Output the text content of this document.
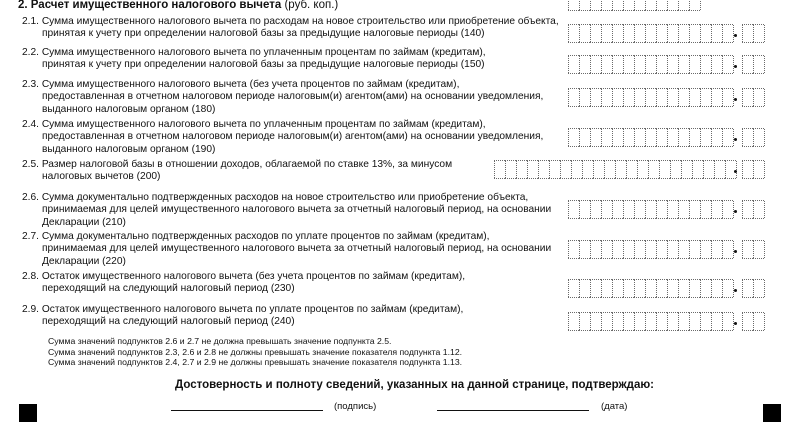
2. Расчет имущественного налогового вычета (руб. коп.)
2.1. Сумма имущественного налогового вычета по расходам на новое строительство или приобретение объекта,
принятая к учету при определении налоговой базы за предыдущие налоговые периоды (140)
2.2. Сумма имущественного налогового вычета по уплаченным процентам по займам (кредитам),
принятая к учету при определении налоговой базы за предыдущие налоговые периоды (150)
2.3. Сумма имущественного налогового вычета (без учета процентов по займам (кредитам),
предоставленная в отчетном налоговом периоде налоговым(и) агентом(ами) на основании уведомления,
выданного налоговым органом (180)
2.4. Сумма имущественного налогового вычета по уплаченным процентам по займам (кредитам),
предоставленная в отчетном налоговом периоде налоговым(и) агентом(ами) на основании уведомления,
выданного налоговым органом (190)
2.5. Размер налоговой базы в отношении доходов, облагаемой по ставке 13%, за минусом
налоговых вычетов (200)
2.6. Сумма документально подтвержденных расходов на новое строительство или приобретение объекта,
принимаемая для целей имущественного налогового вычета за отчетный налоговый период, на основании
Декларации (210)
2.7. Сумма документально подтвержденных расходов по уплате процентов по займам (кредитам),
принимаемая для целей имущественного налогового вычета за отчетный налоговый период, на основании
Декларации (220)
2.8. Остаток имущественного налогового вычета (без учета процентов по займам (кредитам),
переходящий на следующий налоговый период (230)
2.9. Остаток имущественного налогового вычета по уплате процентов по займам (кредитам),
переходящий на следующий налоговый период (240)
Сумма значений подпунктов 2.6 и 2.7 не должна превышать значение подпункта 2.5.
Сумма значений подпунктов 2.3, 2.6 и 2.8 не должны превышать значение показателя подпункта 1.12.
Сумма значений подпунктов 2.4, 2.7 и 2.9 не должны превышать значение показателя подпункта 1.13.
Достоверность и полноту сведений, указанных на данной странице, подтверждаю:
(подпись)	(дата)
